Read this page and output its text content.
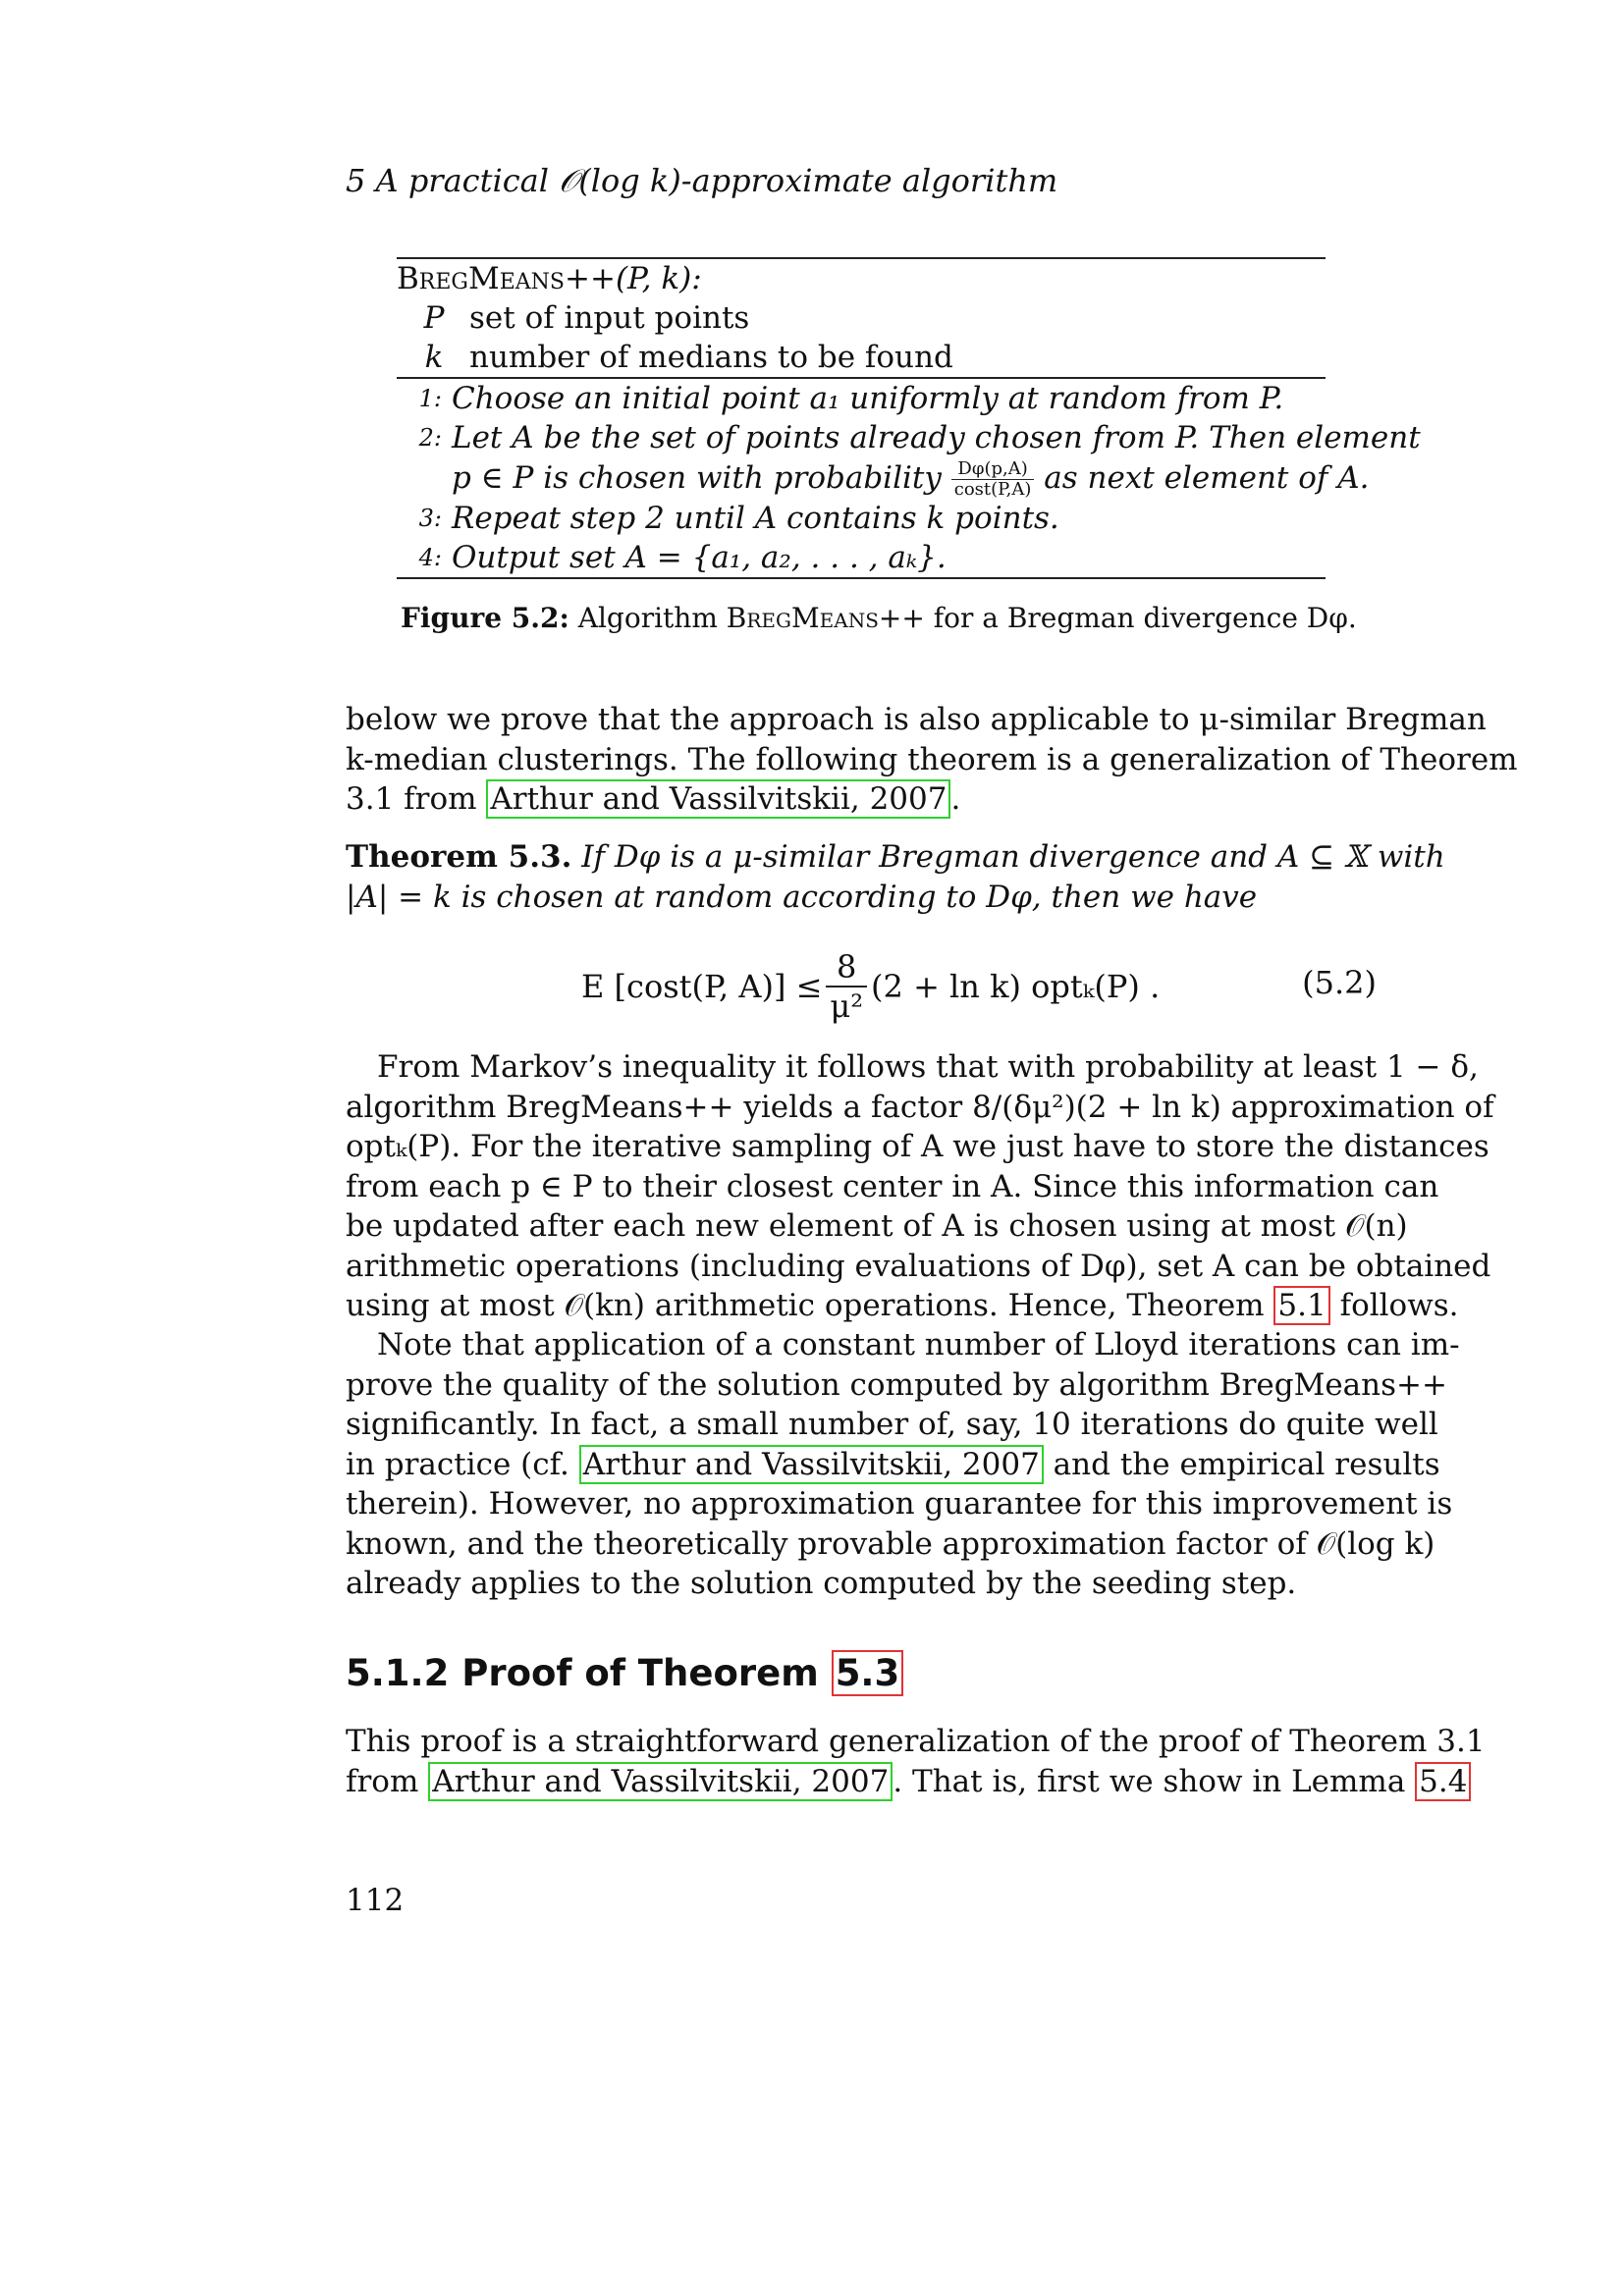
5 A practical 𝒪(log k)-approximate algorithm
BregMeans++(P, k):
P set of input points
k number of medians to be found
1: Choose an initial point a₁ uniformly at random from P.
2: Let A be the set of points already chosen from P. Then element
p ∈ P is chosen with probability $\frac{D\varphi(p,A)}{\cos t(P,A)}$ as next element of A.
3: Repeat step 2 until A contains k points.
4: Output set A = {a₁, a₂, . . . , aₖ}.
Figure 5.2: Algorithm BregMeans++ for a Bregman divergence Dφ.
below we prove that the approach is also applicable to μ-similar Bregman
k-median clusterings. The following theorem is a generalization of Theorem
3.1 from Arthur and Vassilvitskii, 2007 .
Theorem 5.3. If Dφ is a μ-similar Bregman divergence and A ⊆ 𝕏 with
|A| = k is chosen at random according to Dφ, then we have
E [cost(P, $A)] \le \frac{8}{\text{μ²}} (2 + \ln k)$ optₖ(P) .	(5.2)
From Markov’s inequality it follows that with probability at least 1 − δ,
algorithm BregMeans++ yields a factor 8/(δμ²)(2 + ln k) approximation of
optₖ(P). For the iterative sampling of A we just have to store the distances
from each p ∈ P to their closest center in A. Since this information can
be updated after each new element of A is chosen using at most 𝒪(n)
arithmetic operations (including evaluations of Dφ), set A can be obtained
using at most 𝒪(kn) arithmetic operations. Hence, Theorem 5.1 follows.
Note that application of a constant number of Lloyd iterations can im-
prove the quality of the solution computed by algorithm BregMeans++
significantly. In fact, a small number of, say, 10 iterations do quite well
in practice (cf. Arthur and Vassilvitskii, 2007 and the empirical results
therein). However, no approximation guarantee for this improvement is
known, and the theoretically provable approximation factor of 𝒪(log k)
already applies to the solution computed by the seeding step.
5.1.2 Proof of Theorem 5.3
This proof is a straightforward generalization of the proof of Theorem 3.1
from Arthur and Vassilvitskii, 2007 . That is, first we show in Lemma 5.4
112
